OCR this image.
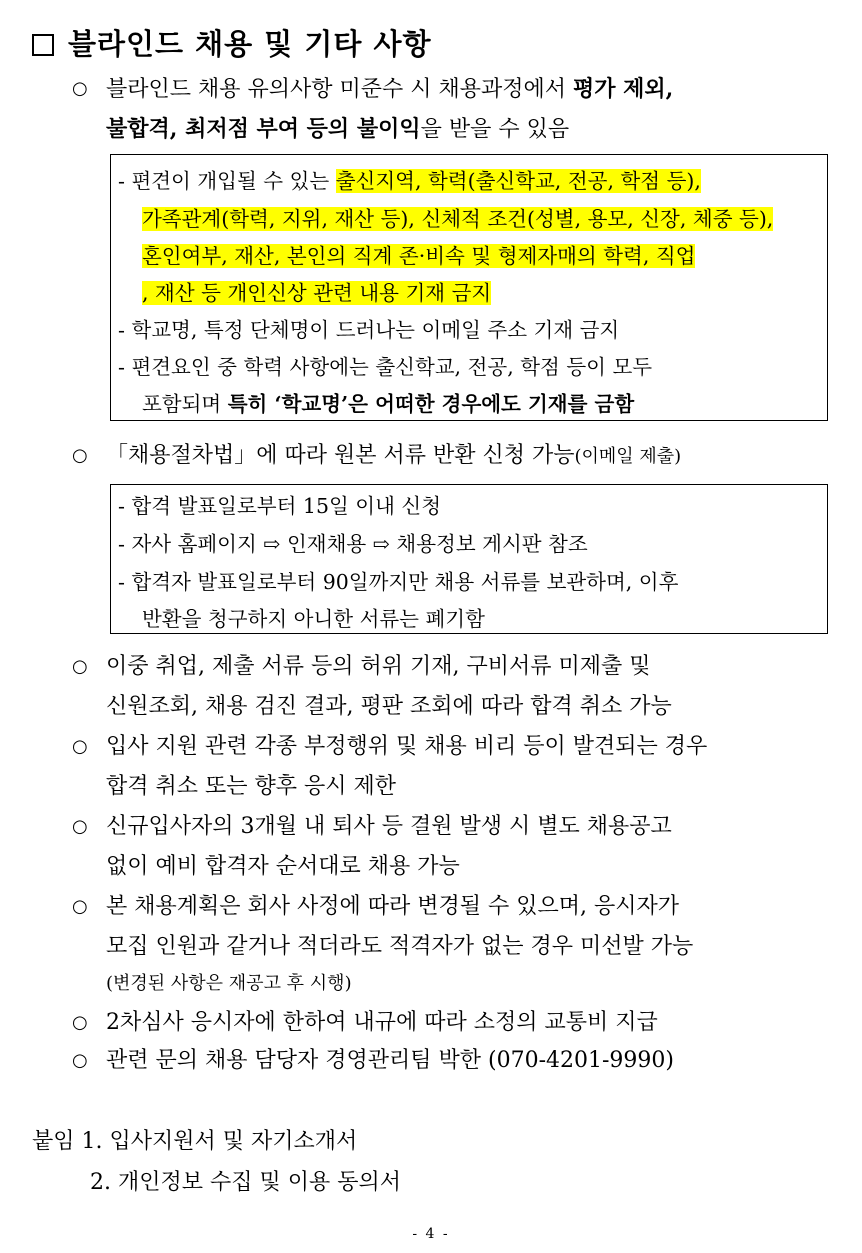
블라인드 채용 및 기타 사항
○ 블라인드 채용 유의사항 미준수 시 채용과정에서 평가 제외,
불합격, 최저점 부여 등의 불이익을 받을 수 있음
- 편견이 개입될 수 있는 출신지역, 학력(출신학교, 전공, 학점 등),
가족관계(학력, 지위, 재산 등), 신체적 조건(성별, 용모, 신장, 체중 등),
혼인여부, 재산, 본인의 직계 존·비속 및 형제자매의 학력, 직업
, 재산 등 개인신상 관련 내용 기재 금지
- 학교명, 특정 단체명이 드러나는 이메일 주소 기재 금지
- 편견요인 중 학력 사항에는 출신학교, 전공, 학점 등이 모두
포함되며 특히 ‘학교명’은 어떠한 경우에도 기재를 금함
○ 「채용절차법」에 따라 원본 서류 반환 신청 가능(이메일 제출)
- 합격 발표일로부터 15일 이내 신청
- 자사 홈페이지 ⇨ 인재채용 ⇨ 채용정보 게시판 참조
- 합격자 발표일로부터 90일까지만 채용 서류를 보관하며, 이후
반환을 청구하지 아니한 서류는 폐기함
○ 이중 취업, 제출 서류 등의 허위 기재, 구비서류 미제출 및
신원조회, 채용 검진 결과, 평판 조회에 따라 합격 취소 가능
○ 입사 지원 관련 각종 부정행위 및 채용 비리 등이 발견되는 경우
합격 취소 또는 향후 응시 제한
○ 신규입사자의 3개월 내 퇴사 등 결원 발생 시 별도 채용공고
없이 예비 합격자 순서대로 채용 가능
○ 본 채용계획은 회사 사정에 따라 변경될 수 있으며, 응시자가
모집 인원과 같거나 적더라도 적격자가 없는 경우 미선발 가능
(변경된 사항은 재공고 후 시행)
○ 2차심사 응시자에 한하여 내규에 따라 소정의 교통비 지급
○ 관련 문의 채용 담당자 경영관리팀 박한 (070-4201-9990)
붙임 1. 입사지원서 및 자기소개서
2. 개인정보 수집 및 이용 동의서
- 4 -
